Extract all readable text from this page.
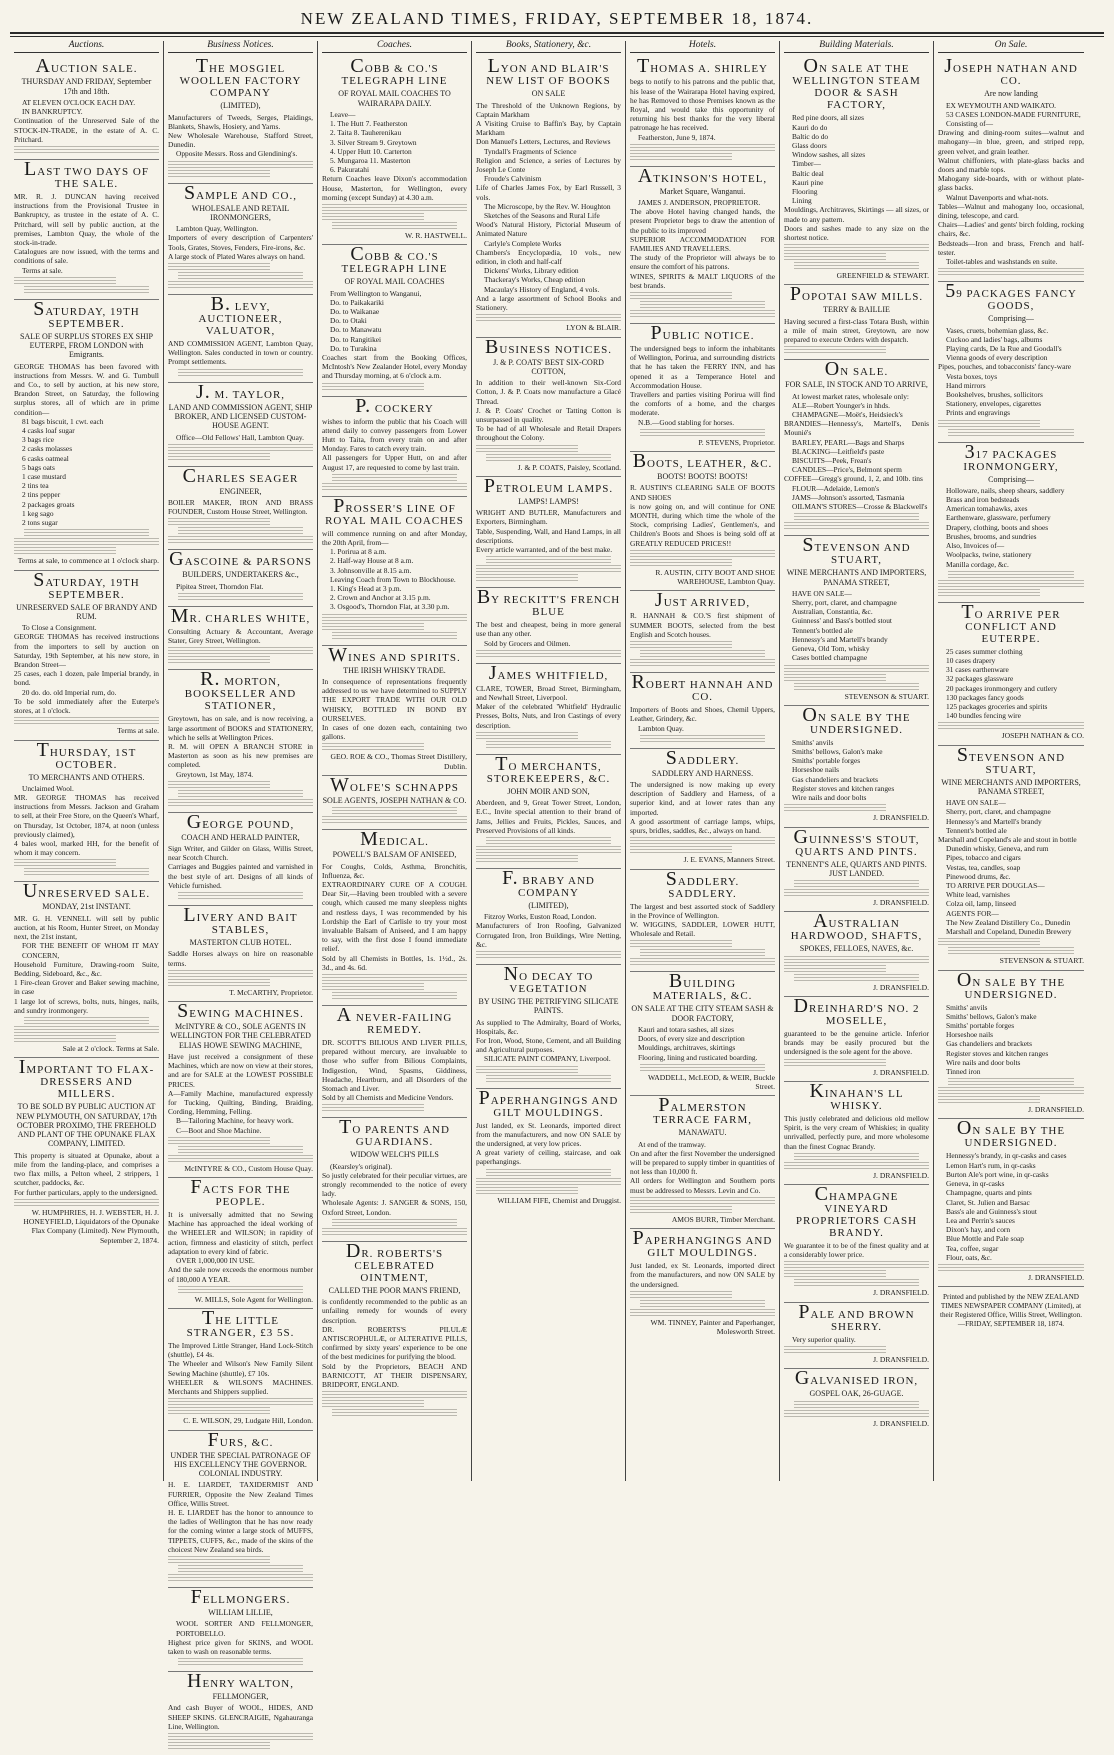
NEW ZEALAND TIMES, FRIDAY, SEPTEMBER 18, 1874.
Auctions.
AUCTION SALE.
THURSDAY AND FRIDAY, September 17th and 18th.
AT ELEVEN O'CLOCK EACH DAY.
IN BANKRUPTCY.
Continuation of the Unreserved Sale of the STOCK-IN-TRADE, in the estate of A. C. Pritchard.
LAST TWO DAYS OF THE SALE.
MR. R. J. DUNCAN having received instructions from the Provisional Trustee in Bankruptcy, as trustee in the estate of A. C. Pritchard, will sell by public auction, at the premises, Lambton Quay, the whole of the stock-in-trade.
Catalogues are now issued, with the terms and conditions of sale.
Terms at sale.
SATURDAY, 19TH SEPTEMBER.
SALE OF SURPLUS STORES EX SHIP EUTERPE, FROM LONDON with Emigrants.
GEORGE THOMAS has been favored with instructions from Messrs. W. and G. Turnbull and Co., to sell by auction, at his new store, Brandon Street, on Saturday, the following surplus stores, all of which are in prime condition—
81 bags biscuit, 1 cwt. each
4 casks loaf sugar
3 bags rice
2 casks molasses
6 casks oatmeal
5 bags oats
1 case mustard
2 tins tea
2 tins pepper
2 packages groats
1 keg sago
2 tons sugar
Terms at sale, to commence at 1 o'clock sharp.
SATURDAY, 19TH SEPTEMBER.
UNRESERVED SALE OF BRANDY AND RUM.
To Close a Consignment.
GEORGE THOMAS has received instructions from the importers to sell by auction on Saturday, 19th September, at his new store, in Brandon Street—
25 cases, each 1 dozen, pale Imperial brandy, in bond.
20 do. do. old Imperial rum, do.
To be sold immediately after the Euterpe's stores, at 1 o'clock.
Terms at sale.
THURSDAY, 1ST OCTOBER.
TO MERCHANTS AND OTHERS.
Unclaimed Wool.
MR. GEORGE THOMAS has received instructions from Messrs. Jackson and Graham to sell, at their Free Store, on the Queen's Wharf, on Thursday, 1st October, 1874, at noon (unless previously claimed),
4 bales wool, marked HH, for the benefit of whom it may concern.
UNRESERVED SALE.
MONDAY, 21st INSTANT.
MR. G. H. VENNELL will sell by public auction, at his Room, Hunter Street, on Monday next, the 21st instant,
FOR THE BENEFIT OF WHOM IT MAY CONCERN,
Household Furniture, Drawing-room Suite, Bedding, Sideboard, &c., &c.
1 Fire-clean Grover and Baker sewing machine, in case
1 large lot of screws, bolts, nuts, hinges, nails, and sundry ironmongery.
Sale at 2 o'clock. Terms at Sale.
IMPORTANT TO FLAX-DRESSERS AND MILLERS.
TO BE SOLD BY PUBLIC AUCTION AT NEW PLYMOUTH, ON SATURDAY, 17th OCTOBER PROXIMO, THE FREEHOLD AND PLANT OF THE OPUNAKE FLAX COMPANY, LIMITED.
This property is situated at Opunake, about a mile from the landing-place, and comprises a two flax mills, a Pelton wheel, 2 strippers, 1 scutcher, paddocks, &c.
For further particulars, apply to the undersigned.
W. HUMPHRIES, H. J. WEBSTER, H. J. HONEYFIELD, Liquidators of the Opunake Flax Company (Limited). New Plymouth, September 2, 1874.
Business Notices.
THE MOSGIEL WOOLLEN FACTORY COMPANY
(LIMITED),
Manufacturers of Tweeds, Serges, Plaidings, Blankets, Shawls, Hosiery, and Yarns.
New Wholesale Warehouse, Stafford Street, Dunedin.
Opposite Messrs. Ross and Glendining's.
SAMPLE AND CO.,
WHOLESALE AND RETAIL IRONMONGERS,
Lambton Quay, Wellington.
Importers of every description of Carpenters' Tools, Grates, Stoves, Fenders, Fire-irons, &c.
A large stock of Plated Wares always on hand.
B. LEVY, AUCTIONEER, VALUATOR,
AND COMMISSION AGENT, Lambton Quay, Wellington. Sales conducted in town or country. Prompt settlements.
J. M. TAYLOR,
LAND AND COMMISSION AGENT, SHIP BROKER, AND LICENSED CUSTOM-HOUSE AGENT.
Office—Old Fellows' Hall, Lambton Quay.
CHARLES SEAGER
ENGINEER,
BOILER MAKER, IRON AND BRASS FOUNDER, Custom House Street, Wellington.
GASCOINE & PARSONS
BUILDERS, UNDERTAKERS &c.,
Pipitea Street, Thorndon Flat.
MR. CHARLES WHITE,
Consulting Actuary & Accountant, Average Stater, Grey Street, Wellington.
R. MORTON, BOOKSELLER AND STATIONER,
Greytown, has on sale, and is now receiving, a large assortment of BOOKS and STATIONERY, which he sells at Wellington Prices.
R. M. will OPEN A BRANCH STORE in Masterton as soon as his new premises are completed.
Greytown, 1st May, 1874.
GEORGE POUND,
COACH AND HERALD PAINTER,
Sign Writer, and Gilder on Glass, Willis Street, near Scotch Church.
Carriages and Buggies painted and varnished in the best style of art. Designs of all kinds of Vehicle furnished.
LIVERY AND BAIT STABLES,
MASTERTON CLUB HOTEL.
Saddle Horses always on hire on reasonable terms.
T. McCARTHY, Proprietor.
SEWING MACHINES.
McINTYRE & CO., SOLE AGENTS IN WELLINGTON FOR THE CELEBRATED ELIAS HOWE SEWING MACHINE,
Have just received a consignment of these Machines, which are now on view at their stores, and are for SALE at the LOWEST POSSIBLE PRICES.
A—Family Machine, manufactured expressly for Tucking, Quilting, Binding, Braiding, Cording, Hemming, Felling.
B—Tailoring Machine, for heavy work.
C—Boot and Shoe Machine.
McINTYRE & CO., Custom House Quay.
FACTS FOR THE PEOPLE.
It is universally admitted that no Sewing Machine has approached the ideal working of the WHEELER and WILSON; in rapidity of action, firmness and elasticity of stitch, perfect adaptation to every kind of fabric.
OVER 1,000,000 IN USE.
And the sale now exceeds the enormous number of 180,000 A YEAR.
W. MILLS, Sole Agent for Wellington.
THE LITTLE STRANGER, £3 5S.
The Improved Little Stranger, Hand Lock-Stitch (shuttle), £4 4s.
The Wheeler and Wilson's New Family Silent Sewing Machine (shuttle), £7 10s.
WHEELER & WILSON'S MACHINES. Merchants and Shippers supplied.
C. E. WILSON, 29, Ludgate Hill, London.
FURS, &C.
UNDER THE SPECIAL PATRONAGE OF HIS EXCELLENCY THE GOVERNOR. COLONIAL INDUSTRY.
H. E. LIARDET, TAXIDERMIST AND FURRIER, Opposite the New Zealand Times Office, Willis Street.
H. E. LIARDET has the honor to announce to the ladies of Wellington that he has now ready for the coming winter a large stock of MUFFS, TIPPETS, CUFFS, &c., made of the skins of the choicest New Zealand sea birds.
FELLMONGERS.
WILLIAM LILLIE,
WOOL SORTER AND FELLMONGER, PORTOBELLO.
Highest price given for SKINS, and WOOL taken to wash on reasonable terms.
HENRY WALTON,
FELLMONGER,
And cash Buyer of WOOL, HIDES, AND SHEEP SKINS. GLENCRAIGIE, Ngahauranga Line, Wellington.
Coaches.
COBB & CO.'S TELEGRAPH LINE
OF ROYAL MAIL COACHES TO WAIRARAPA DAILY.
Leave—
1. The Hutt 7. Featherston
2. Taita 8. Tauherenikau
3. Silver Stream 9. Greytown
4. Upper Hutt 10. Carterton
5. Mungaroa 11. Masterton
6. Pakuratahi
Return Coaches leave Dixon's accommodation House, Masterton, for Wellington, every morning (except Sunday) at 4.30 a.m.
W. R. HASTWELL.
COBB & CO.'S TELEGRAPH LINE
OF ROYAL MAIL COACHES
From Wellington to Wanganui,
Do. to Paikakariki
Do. to Waikanae
Do. to Otaki
Do. to Manawatu
Do. to Rangitikei
Do. to Turakina
Coaches start from the Booking Offices, McIntosh's New Zealander Hotel, every Monday and Thursday morning, at 6 o'clock a.m.
P. COCKERY
wishes to inform the public that his Coach will attend daily to convey passengers from Lower Hutt to Taita, from every train on and after Monday. Fares to catch every train.
All passengers for Upper Hutt, on and after August 17, are requested to come by last train.
PROSSER'S LINE OF ROYAL MAIL COACHES
will commence running on and after Monday, the 20th April, from—
1. Porirua at 8 a.m.
2. Half-way House at 8 a.m.
3. Johnsonville at 8.15 a.m.
Leaving Coach from Town to Blockhouse.
1. King's Head at 3 p.m.
2. Crown and Anchor at 3.15 p.m.
3. Osgood's, Thorndon Flat, at 3.30 p.m.
WINES AND SPIRITS.
THE IRISH WHISKY TRADE.
In consequence of representations frequently addressed to us we have determined to SUPPLY THE EXPORT TRADE WITH OUR OLD WHISKY, BOTTLED IN BOND BY OURSELVES.
In cases of one dozen each, containing two gallons.
GEO. ROE & CO., Thomas Street Distillery, Dublin.
WOLFE'S SCHNAPPS
SOLE AGENTS, JOSEPH NATHAN & CO.
MEDICAL.
POWELL'S BALSAM OF ANISEED,
For Coughs, Colds, Asthma, Bronchitis, Influenza, &c.
EXTRAORDINARY CURE OF A COUGH. Dear Sir,—Having been troubled with a severe cough, which caused me many sleepless nights and restless days, I was recommended by his Lordship the Earl of Carlisle to try your most invaluable Balsam of Aniseed, and I am happy to say, with the first dose I found immediate relief.
Sold by all Chemists in Bottles, 1s. 1½d., 2s. 3d., and 4s. 6d.
A NEVER-FAILING REMEDY.
DR. SCOTT'S BILIOUS AND LIVER PILLS, prepared without mercury, are invaluable to those who suffer from Bilious Complaints, Indigestion, Wind, Spasms, Giddiness, Headache, Heartburn, and all Disorders of the Stomach and Liver.
Sold by all Chemists and Medicine Vendors.
TO PARENTS AND GUARDIANS.
WIDOW WELCH'S PILLS
(Kearsley's original).
So justly celebrated for their peculiar virtues, are strongly recommended to the notice of every lady.
Wholesale Agents: J. SANGER & SONS, 150, Oxford Street, London.
DR. ROBERTS'S CELEBRATED OINTMENT,
CALLED THE POOR MAN'S FRIEND,
is confidently recommended to the public as an unfailing remedy for wounds of every description.
DR. ROBERTS'S PILULÆ ANTISCROPHULÆ, or ALTERATIVE PILLS, confirmed by sixty years' experience to be one of the best medicines for purifying the blood.
Sold by the Proprietors, BEACH AND BARNICOTT, AT THEIR DISPENSARY, BRIDPORT, ENGLAND.
Books, Stationery, &c.
LYON AND BLAIR'S NEW LIST OF BOOKS
ON SALE
The Threshold of the Unknown Regions, by Captain Markham
A Visiting Cruise to Baffin's Bay, by Captain Markham
Don Manuel's Letters, Lectures, and Reviews
Tyndall's Fragments of Science
Religion and Science, a series of Lectures by Joseph Le Conte
Froude's Calvinism
Life of Charles James Fox, by Earl Russell, 3 vols.
The Microscope, by the Rev. W. Houghton
Sketches of the Seasons and Rural Life
Wood's Natural History, Pictorial Museum of Animated Nature
Carlyle's Complete Works
Chambers's Encyclopædia, 10 vols., new edition, in cloth and half-calf
Dickens' Works, Library edition
Thackeray's Works, Cheap edition
Macaulay's History of England, 4 vols.
And a large assortment of School Books and Stationery.
LYON & BLAIR.
BUSINESS NOTICES.
J. & P. COATS' BEST SIX-CORD COTTON,
In addition to their well-known Six-Cord Cotton, J. & P. Coats now manufacture a Glacé Thread.
J. & P. Coats' Crochet or Tatting Cotton is unsurpassed in quality.
To be had of all Wholesale and Retail Drapers throughout the Colony.
J. & P. COATS, Paisley, Scotland.
PETROLEUM LAMPS.
LAMPS! LAMPS!
WRIGHT AND BUTLER, Manufacturers and Exporters, Birmingham.
Table, Suspending, Wall, and Hand Lamps, in all descriptions.
Every article warranted, and of the best make.
BY RECKITT'S FRENCH BLUE
The best and cheapest, being in more general use than any other.
Sold by Grocers and Oilmen.
JAMES WHITFIELD,
CLARE, TOWER, Broad Street, Birmingham, and Newhall Street, Liverpool.
Maker of the celebrated 'Whitfield' Hydraulic Presses, Bolts, Nuts, and Iron Castings of every description.
TO MERCHANTS, STOREKEEPERS, &C.
JOHN MOIR AND SON,
Aberdeen, and 9, Great Tower Street, London, E.C., Invite special attention to their brand of Jams, Jellies and Fruits, Pickles, Sauces, and Preserved Provisions of all kinds.
F. BRABY AND COMPANY
(LIMITED),
Fitzroy Works, Euston Road, London.
Manufacturers of Iron Roofing, Galvanized Corrugated Iron, Iron Buildings, Wire Netting, &c.
NO DECAY TO VEGETATION
BY USING THE PETRIFYING SILICATE PAINTS.
As supplied to The Admiralty, Board of Works, Hospitals, &c.
For Iron, Wood, Stone, Cement, and all Building and Agricultural purposes.
SILICATE PAINT COMPANY, Liverpool.
PAPERHANGINGS AND GILT MOULDINGS.
Just landed, ex St. Leonards, imported direct from the manufacturers, and now ON SALE by the undersigned, at very low prices.
A great variety of ceiling, staircase, and oak paperhangings.
WILLIAM FIFE, Chemist and Druggist.
Hotels.
THOMAS A. SHIRLEY
begs to notify to his patrons and the public that, his lease of the Wairarapa Hotel having expired, he has Removed to those Premises known as the Royal, and would take this opportunity of returning his best thanks for the very liberal patronage he has received.
Featherston, June 9, 1874.
ATKINSON'S HOTEL,
Market Square, Wanganui.
JAMES J. ANDERSON, PROPRIETOR.
The above Hotel having changed hands, the present Proprietor begs to draw the attention of the public to its improved
SUPERIOR ACCOMMODATION FOR FAMILIES AND TRAVELLERS.
The study of the Proprietor will always be to ensure the comfort of his patrons.
WINES, SPIRITS & MALT LIQUORS of the best brands.
PUBLIC NOTICE.
The undersigned begs to inform the inhabitants of Wellington, Porirua, and surrounding districts that he has taken the FERRY INN, and has opened it as a Temperance Hotel and Accommodation House.
Travellers and parties visiting Porirua will find the comforts of a home, and the charges moderate.
N.B.—Good stabling for horses.
P. STEVENS, Proprietor.
BOOTS, LEATHER, &C.
BOOTS! BOOTS! BOOTS!
R. AUSTIN'S CLEARING SALE OF BOOTS AND SHOES
is now going on, and will continue for ONE MONTH, during which time the whole of the Stock, comprising Ladies', Gentlemen's, and Children's Boots and Shoes is being sold off at GREATLY REDUCED PRICES!!
R. AUSTIN, CITY BOOT AND SHOE WAREHOUSE, Lambton Quay.
JUST ARRIVED,
R. HANNAH & CO.'S first shipment of SUMMER BOOTS, selected from the best English and Scotch houses.
ROBERT HANNAH AND CO.
Importers of Boots and Shoes, Chemil Uppers, Leather, Grindery, &c.
Lambton Quay.
SADDLERY.
SADDLERY AND HARNESS.
The undersigned is now making up every description of Saddlery and Harness, of a superior kind, and at lower rates than any imported.
A good assortment of carriage lamps, whips, spurs, bridles, saddles, &c., always on hand.
J. E. EVANS, Manners Street.
SADDLERY. SADDLERY.
The largest and best assorted stock of Saddlery in the Province of Wellington.
W. WIGGINS, SADDLER, LOWER HUTT, Wholesale and Retail.
BUILDING MATERIALS, &C.
ON SALE AT THE CITY STEAM SASH & DOOR FACTORY,
Kauri and totara sashes, all sizes
Doors, of every size and description
Mouldings, architraves, skirtings
Flooring, lining and rusticated boarding.
WADDELL, McLEOD, & WEIR, Buckle Street.
PALMERSTON TERRACE FARM,
MANAWATU.
At end of the tramway.
On and after the first November the undersigned will be prepared to supply timber in quantities of not less than 10,000 ft.
All orders for Wellington and Southern ports must be addressed to Messrs. Levin and Co.
AMOS BURR, Timber Merchant.
PAPERHANGINGS AND GILT MOULDINGS.
Just landed, ex St. Leonards, imported direct from the manufacturers, and now ON SALE by the undersigned.
WM. TINNEY, Painter and Paperhanger, Molesworth Street.
Building Materials.
ON SALE AT THE WELLINGTON STEAM DOOR & SASH FACTORY,
Red pine doors, all sizes
Kauri do do
Baltic do do
Glass doors
Window sashes, all sizes
Timber—
Baltic deal
Kauri pine
Flooring
Lining
Mouldings, Architraves, Skirtings — all sizes, or made to any pattern.
Doors and sashes made to any size on the shortest notice.
GREENFIELD & STEWART.
POPOTAI SAW MILLS.
TERRY & BAILLIE
Having secured a first-class Totara Bush, within a mile of main street, Greytown, are now prepared to execute Orders with despatch.
ON SALE.
FOR SALE, IN STOCK AND TO ARRIVE,
At lowest market rates, wholesale only:
ALE—Robert Younger's in hhds.
CHAMPAGNE—Moët's, Heidsieck's
BRANDIES—Hennessy's, Martell's, Denis Mounié's
BARLEY, PEARL—Bags and Sharps
BLACKING—Leitfield's paste
BISCUITS—Peek, Frean's
CANDLES—Price's, Belmont sperm
COFFEE—Gregg's ground, 1, 2, and 10lb. tins
FLOUR—Adelaide, Lemon's
JAMS—Johnson's assorted, Tasmania
OILMAN'S STORES—Crosse & Blackwell's
STEVENSON AND STUART,
WINE MERCHANTS AND IMPORTERS, PANAMA STREET,
HAVE ON SALE—
Sherry, port, claret, and champagne
Australian, Constantia, &c.
Guinness' and Bass's bottled stout
Tennent's bottled ale
Hennessy's and Martell's brandy
Geneva, Old Tom, whisky
Cases bottled champagne
STEVENSON & STUART.
ON SALE BY THE UNDERSIGNED.
Smiths' anvils
Smiths' bellows, Galon's make
Smiths' portable forges
Horseshoe nails
Gas chandeliers and brackets
Register stoves and kitchen ranges
Wire nails and door bolts
J. DRANSFIELD.
GUINNESS'S STOUT, QUARTS AND PINTS.
TENNENT'S ALE, QUARTS AND PINTS. JUST LANDED.
J. DRANSFIELD.
AUSTRALIAN HARDWOOD, SHAFTS,
SPOKES, FELLOES, NAVES, &c.
J. DRANSFIELD.
DREINHARD'S NO. 2 MOSELLE,
guaranteed to be the genuine article. Inferior brands may be easily procured but the undersigned is the sole agent for the above.
J. DRANSFIELD.
KINAHAN'S LL WHISKY.
This justly celebrated and delicious old mellow Spirit, is the very cream of Whiskies; in quality unrivalled, perfectly pure, and more wholesome than the finest Cognac Brandy.
J. DRANSFIELD.
CHAMPAGNE VINEYARD PROPRIETORS CASH BRANDY.
We guarantee it to be of the finest quality and at a considerably lower price.
J. DRANSFIELD.
PALE AND BROWN SHERRY.
Very superior quality.
J. DRANSFIELD.
GALVANISED IRON,
GOSPEL OAK, 26-GUAGE.
J. DRANSFIELD.
On Sale.
JOSEPH NATHAN AND CO.
Are now landing
EX WEYMOUTH AND WAIKATO.
53 CASES LONDON-MADE FURNITURE,
Consisting of—
Drawing and dining-room suites—walnut and mahogany—in blue, green, and striped repp, green velvet, and grain leather.
Walnut chiffoniers, with plate-glass backs and doors and marble tops.
Mahogany side-boards, with or without plate-glass backs.
Walnut Davenports and what-nots.
Tables—Walnut and mahogany loo, occasional, dining, telescope, and card.
Chairs—Ladies' and gents' birch folding, rocking chairs, &c.
Bedsteads—Iron and brass, French and half-tester.
Toilet-tables and washstands en suite.
59 PACKAGES FANCY GOODS,
Comprising—
Vases, cruets, bohemian glass, &c.
Cuckoo and ladies' bags, albums
Playing cards, De la Rue and Goodall's
Vienna goods of every description
Pipes, pouches, and tobacconists' fancy-ware
Vesta boxes, toys
Hand mirrors
Bookshelves, brushes, sollicitors
Stationery, envelopes, cigarettes
Prints and engravings
317 PACKAGES IRONMONGERY,
Comprising—
Holloware, nails, sheep shears, saddlery
Brass and iron bedsteads
American tomahawks, axes
Earthenware, glassware, perfumery
Drapery, clothing, boots and shoes
Brushes, brooms, and sundries
Also, Invoices of—
Woolpacks, twine, stationery
Manilla cordage, &c.
TO ARRIVE PER CONFLICT AND EUTERPE.
25 cases summer clothing
10 cases drapery
31 cases earthenware
32 packages glassware
20 packages ironmongery and cutlery
130 packages fancy goods
125 packages groceries and spirits
140 bundles fencing wire
JOSEPH NATHAN & CO.
STEVENSON AND STUART,
WINE MERCHANTS AND IMPORTERS, PANAMA STREET,
HAVE ON SALE—
Sherry, port, claret, and champagne
Hennessy's and Martell's brandy
Tennent's bottled ale
Marshall and Copeland's ale and stout in bottle
Dunedin whisky, Geneva, and rum
Pipes, tobacco and cigars
Vestas, tea, candles, soap
Pinewood drums, &c.
TO ARRIVE PER DOUGLAS—
White lead, varnishes
Colza oil, lamp, linseed
AGENTS FOR—
The New Zealand Distillery Co., Dunedin
Marshall and Copeland, Dunedin Brewery
STEVENSON & STUART.
ON SALE BY THE UNDERSIGNED.
Smiths' anvils
Smiths' bellows, Galon's make
Smiths' portable forges
Horseshoe nails
Gas chandeliers and brackets
Register stoves and kitchen ranges
Wire nails and door bolts
Tinned iron
J. DRANSFIELD.
ON SALE BY THE UNDERSIGNED.
Hennessy's brandy, in qr-casks and cases
Lemon Hart's rum, in qr-casks
Burton Ale's port wine, in qr-casks
Geneva, in qr-casks
Champagne, quarts and pints
Claret, St. Julien and Barsac
Bass's ale and Guinness's stout
Lea and Perrin's sauces
Dixon's hay, and corn
Blue Mottle and Pale soap
Tea, coffee, sugar
Flour, oats, &c.
J. DRANSFIELD.
Printed and published by the NEW ZEALAND TIMES NEWSPAPER COMPANY (Limited), at their Registered Office, Willis Street, Wellington.—FRIDAY, SEPTEMBER 18, 1874.
